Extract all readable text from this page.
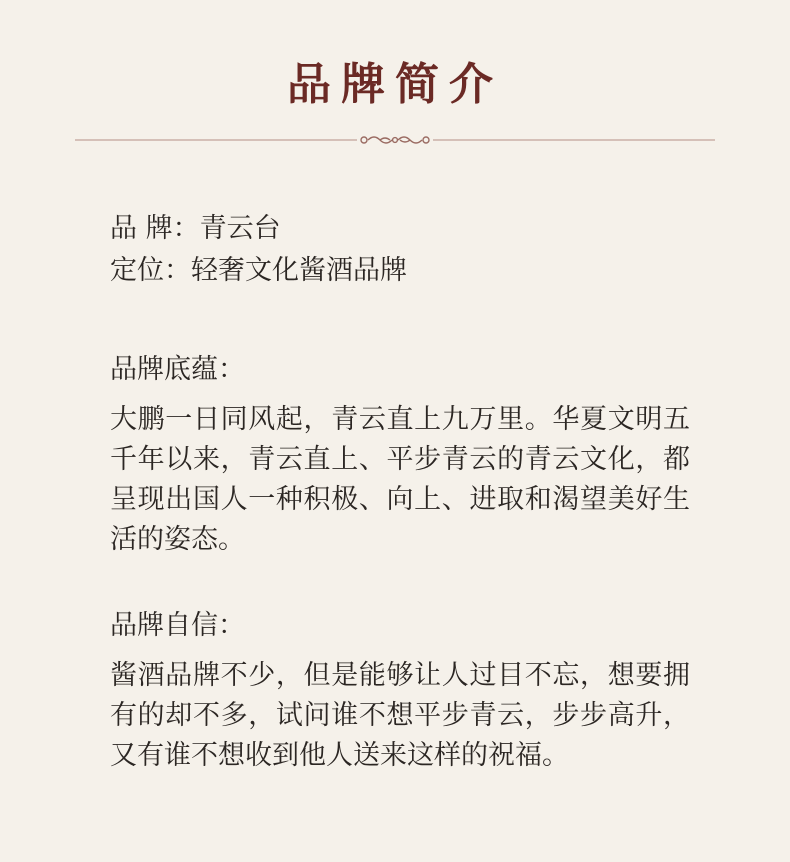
品牌简介

品 牌：青云台

定位：轻奢文化酱酒品牌

品牌底蕴：

大鹏一日同风起，青云直上九万里。华夏文明五千年以来，青云直上、平步青云的青云文化，都呈现出国人一种积极、向上、进取和渴望美好生活的姿态。

品牌自信：

酱酒品牌不少，但是能够让人过目不忘，想要拥有的却不多，试问谁不想平步青云，步步高升，又有谁不想收到他人送来这样的祝福。
